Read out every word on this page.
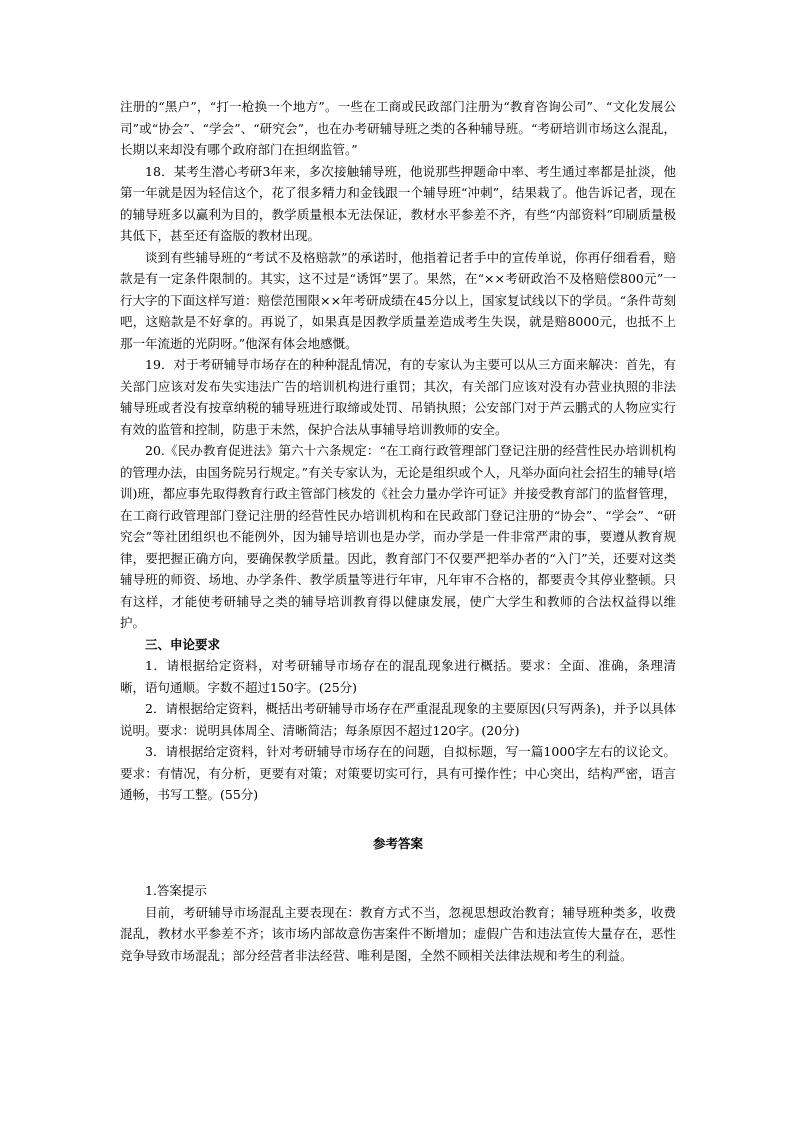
注册的“黑户”，“打一枪换一个地方”。一些在工商或民政部门注册为“教育咨询公司”、“文化发展公司”或“协会”、“学会”、“研究会”，也在办考研辅导班之类的各种辅导班。“考研培训市场这么混乱，长期以来却没有哪个政府部门在担纲监管。”

18．某考生潜心考研3年来，多次接触辅导班，他说那些押题命中率、考生通过率都是扯淡，他第一年就是因为轻信这个，花了很多精力和金钱跟一个辅导班“冲刺”，结果栽了。他告诉记者，现在的辅导班多以赢利为目的，教学质量根本无法保证，教材水平参差不齐，有些“内部资料”印刷质量极其低下，甚至还有盗版的教材出现。

谈到有些辅导班的“考试不及格赔款”的承诺时，他指着记者手中的宣传单说，你再仔细看看，赔款是有一定条件限制的。其实，这不过是“诱饵”罢了。果然，在“××考研政治不及格赔偿800元”一行大字的下面这样写道：赔偿范围限××年考研成绩在45分以上，国家复试线以下的学员。“条件苛刻吧，这赔款是不好拿的。再说了，如果真是因教学质量差造成考生失误，就是赔8000元，也抵不上那一年流逝的光阴呀。”他深有体会地感慨。

19．对于考研辅导市场存在的种种混乱情况，有的专家认为主要可以从三方面来解决：首先，有关部门应该对发布失实违法广告的培训机构进行重罚；其次，有关部门应该对没有办营业执照的非法辅导班或者没有按章纳税的辅导班进行取缔或处罚、吊销执照；公安部门对于芦云鹏式的人物应实行有效的监管和控制，防患于未然，保护合法从事辅导培训教师的安全。

20.《民办教育促进法》第六十六条规定：“在工商行政管理部门登记注册的经营性民办培训机构的管理办法，由国务院另行规定。”有关专家认为，无论是组织或个人，凡举办面向社会招生的辅导(培训)班，都应事先取得教育行政主管部门核发的《社会力量办学许可证》并接受教育部门的监督管理，在工商行政管理部门登记注册的经营性民办培训机构和在民政部门登记注册的“协会”、“学会”、“研究会”等社团组织也不能例外，因为辅导培训也是办学，而办学是一件非常严肃的事，要遵从教育规律，要把握正确方向，要确保教学质量。因此，教育部门不仅要严把举办者的“入门”关，还要对这类辅导班的师资、场地、办学条件、教学质量等进行年审，凡年审不合格的，都要责令其停业整顿。只有这样，才能使考研辅导之类的辅导培训教育得以健康发展，使广大学生和教师的合法权益得以维护。

三、申论要求

1．请根据给定资料，对考研辅导市场存在的混乱现象进行概括。要求：全面、准确，条理清晰，语句通顺。字数不超过150字。(25分)

2．请根据给定资料，概括出考研辅导市场存在严重混乱现象的主要原因(只写两条)，并予以具体说明。要求：说明具体周全、清晰简洁；每条原因不超过120字。(20分)

3．请根据给定资料，针对考研辅导市场存在的问题，自拟标题，写一篇1000字左右的议论文。要求：有情况，有分析，更要有对策；对策要切实可行，具有可操作性；中心突出，结构严密，语言通畅，书写工整。(55分)

参考答案

1.答案提示

目前，考研辅导市场混乱主要表现在：教育方式不当，忽视思想政治教育；辅导班种类多，收费混乱，教材水平参差不齐；该市场内部故意伤害案件不断增加；虚假广告和违法宣传大量存在，恶性竞争导致市场混乱；部分经营者非法经营、唯利是图，全然不顾相关法律法规和考生的利益。
